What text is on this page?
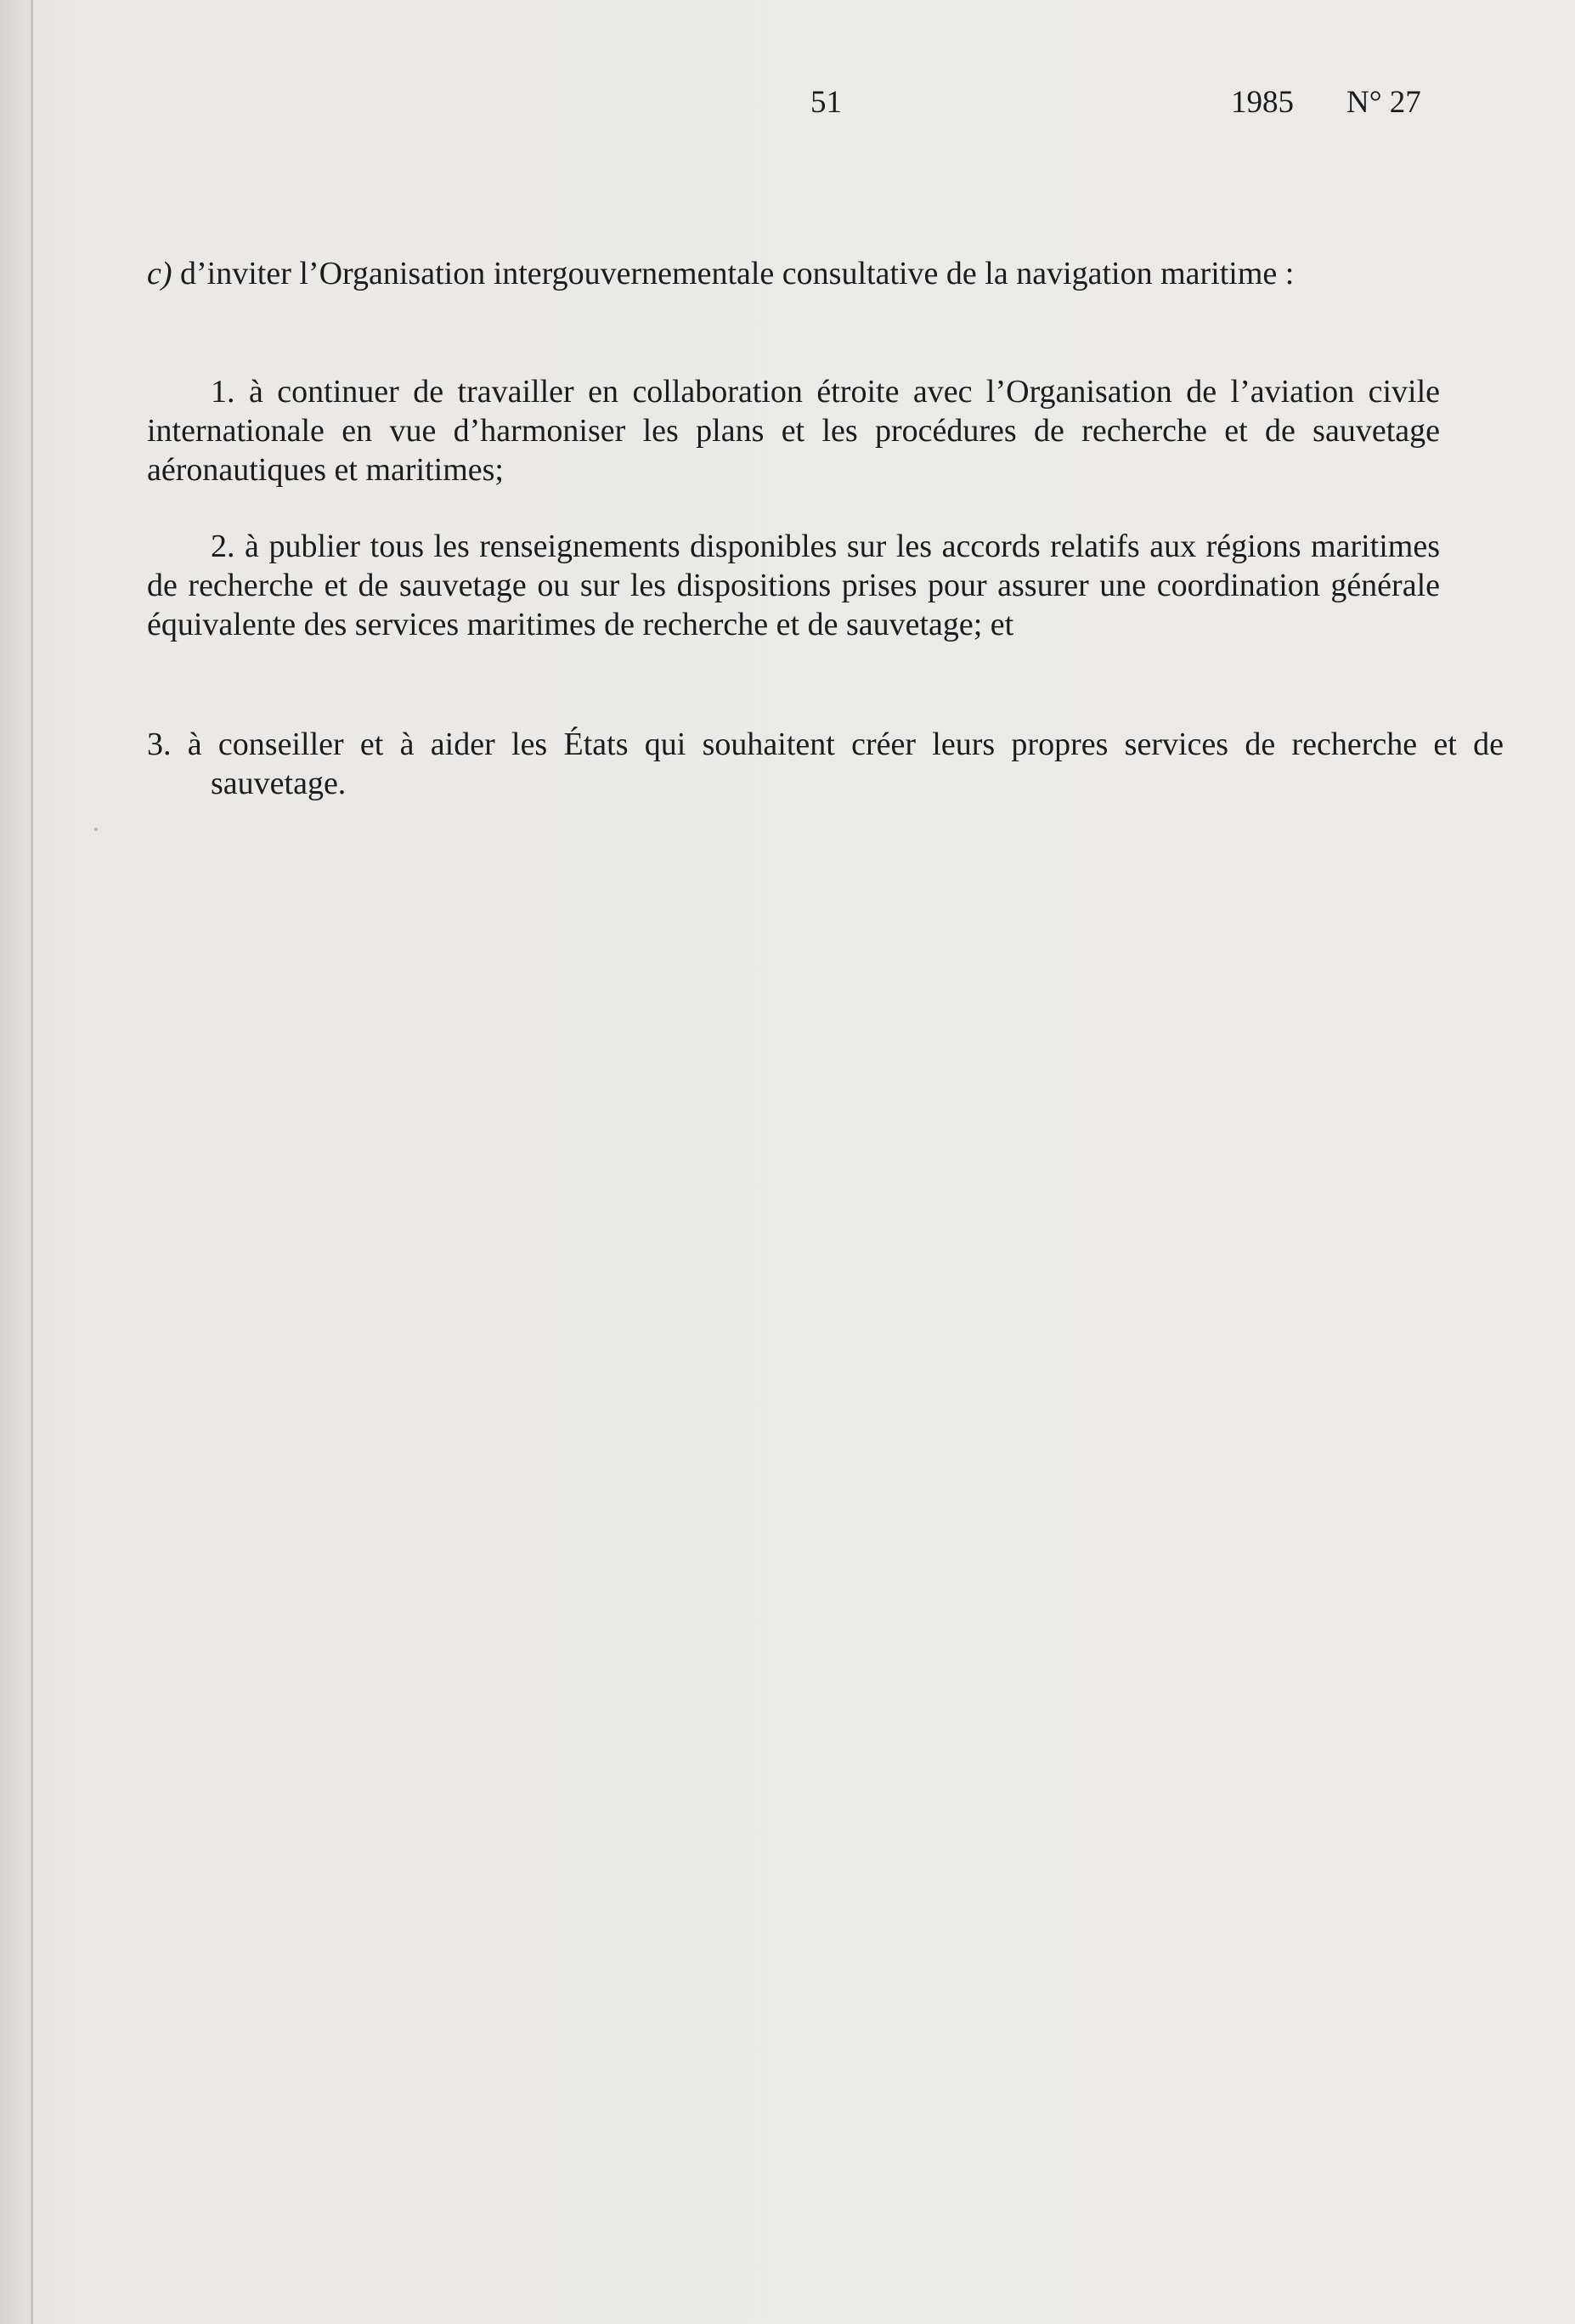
51	1985 N° 27

c) d’inviter l’Organisation intergouvernementale consultative de la navigation maritime :

1. à continuer de travailler en collaboration étroite avec l’Organisation de l’aviation civile internationale en vue d’harmoniser les plans et les procédures de recherche et de sauvetage aéronautiques et maritimes;

2. à publier tous les renseignements disponibles sur les accords relatifs aux régions maritimes de recherche et de sauvetage ou sur les dispositions prises pour assurer une coordination générale équivalente des services maritimes de recherche et de sauvetage; et

3. à conseiller et à aider les États qui souhaitent créer leurs propres services de recherche et de sauvetage.
